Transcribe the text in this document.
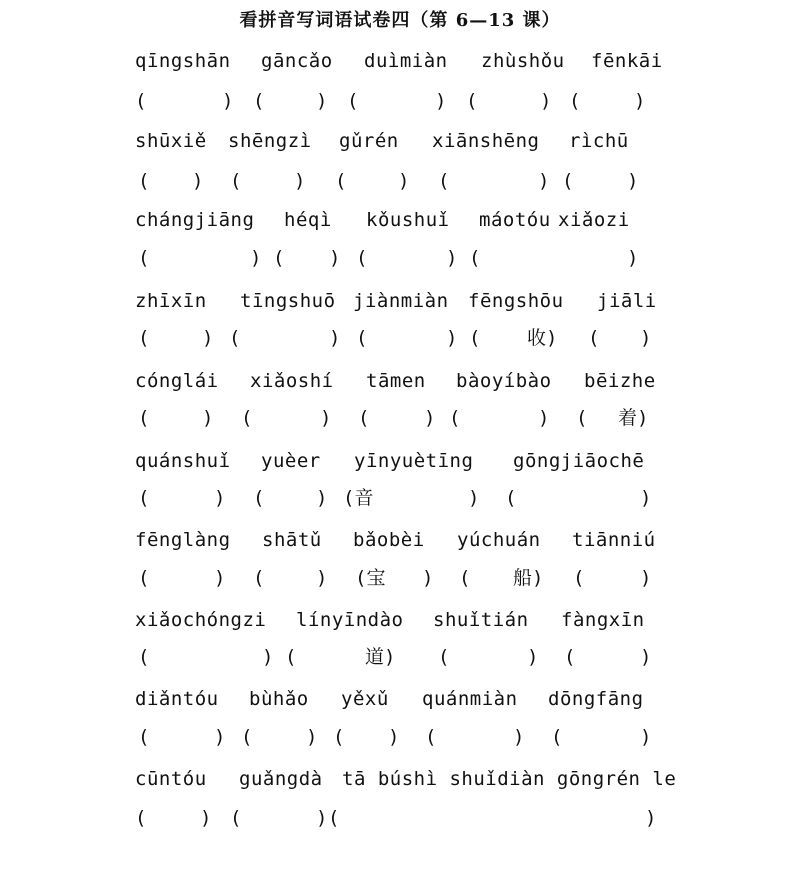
看拼音写词语试卷四（第 6—13 课）
qīngshān gāncǎo duìmiàn zhùshǒu fēnkāi
(	) (	) (	) (	) (	)
shūxiě shēngzì gǔrén xiānshēng rìchū
( ) (	) (	) (	) (	)
chángjiāng héqì kǒushuǐ máotóu xiǎozi
(	) ( ) (	) (	)
zhīxīn tīngshuō jiànmiàn fēngshōu jiāli
(	) (	) (	) ( 收) ( )
cónglái xiǎoshí tāmen bàoyíbào bēizhe
(	) (	) (	) (	) ( 着)
quánshuǐ yuèer yīnyuètīng gōngjiāochē
(	) (	) (音	) (	)
fēnglàng shātǔ bǎobèi yúchuán tiānniú
(	) (	) (宝 ) ( 船) (	)
xiǎochóngzi línyīndào shuǐtián fàngxīn
(	) (	道) (	) (	)
diǎntóu bùhǎo yěxǔ quánmiàn dōngfāng
(	) (	) ( ) (	) (	)
cūntóu guǎngdà tā búshì shuǐdiàn gōngrén le
(	) (	) (	)
